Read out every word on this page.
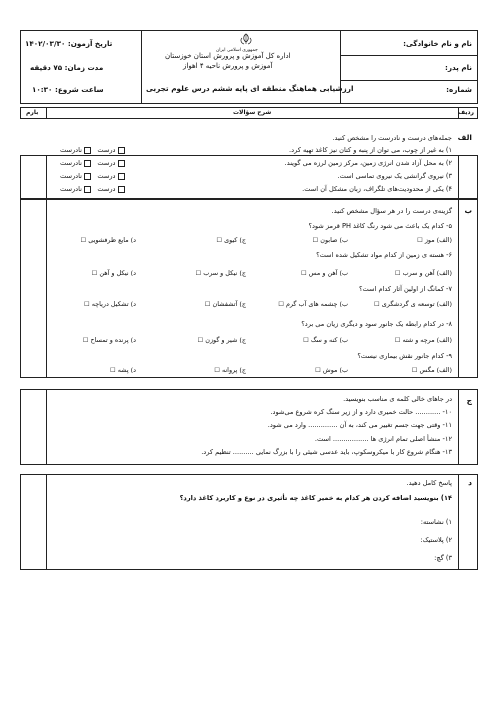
نام و نام خانوادگی:
نام پدر:
شماره:
جمهوری اسلامی ایران
اداره کل آموزش و پرورش استان خوزستان
آموزش و پرورش ناحیه ۴ اهواز
ارزشیابی هماهنگ منطقه ای پایه ششم درس علوم تجربی
تاریخ آزمون: ۱۴۰۲/۰۳/۳۰
مدت زمان: ۷۵ دقیقه
ساعت شروع: ۱۰:۳۰
ردیف
شرح سؤالات
بارم
الف
جمله‌های درست و نادرست را مشخص کنید.
۱) به غیر از چوب، می توان از پنبه و کتان نیز کاغذ تهیه کرد.
۲) به محل آزاد شدن انرژی زمین، مرکز زمین لرزه می گویند.
۳) نیروی گرانشی یک نیروی تماسی است.
۴) یکی از محدودیت‌های تلگراف، زبان مشکل آن است.
درست    نادرست
درست    نادرست
درست    نادرست
درست    نادرست
ب
گزینه‌ی درست را در هر سؤال مشخص کنید.
۵- کدام یک باعث می شود رنگ کاغذ PH قرمز شود؟
(الف) موز ☐
ب) صابون ☐
ج) کیوی ☐
د) مایع ظرفشویی ☐
۶- هسته ی زمین از کدام مواد تشکیل شده است؟
(الف) آهن و سرب ☐
ب) آهن و مس ☐
ج) نیکل و سرب ☐
د) نیکل و آهن ☐
۷- کمانگ از اولین آثار کدام است؟
(الف) توسعه ی گردشگری ☐
ب) چشمه های آب گرم ☐
ج) آتشفشان ☐
د) تشکیل دریاچه ☐
۸- در کدام رابطه یک جانور سود و دیگری زیان می برد؟
(الف) مرچه و شته ☐
ب) کنه و سگ ☐
ج) شیر و گوزن ☐
د) پرنده و تمساح ☐
۹- کدام جانور نقش بیماری نیست؟
(الف) مگس ☐
ب) موش ☐
ج) پروانه ☐
د) پشه ☐
ج
در جاهای خالی کلمه ی مناسب بنویسید.
۱۰- ............ حالت خمیری دارد و از زیر سنگ کره شروع می‌شود.
۱۱- وقتی جهت جسم تغییر می کند، به آن .............. وارد می شود.
۱۲- منشأ اصلی تمام انرژی ها ................. است.
۱۳- هنگام شروع کار با میکروسکوپ، باید عدسی شیئی را با بزرگ نمایی .......... تنظیم کرد.
د
پاسخ کامل دهید.
۱۴) بنویسید اضافه کردن هر کدام به خمیر کاغذ چه تأثیری در نوع و کاربرد کاغذ دارد؟
۱) نشاسته:
۲) پلاستیک:
۳) گچ:
